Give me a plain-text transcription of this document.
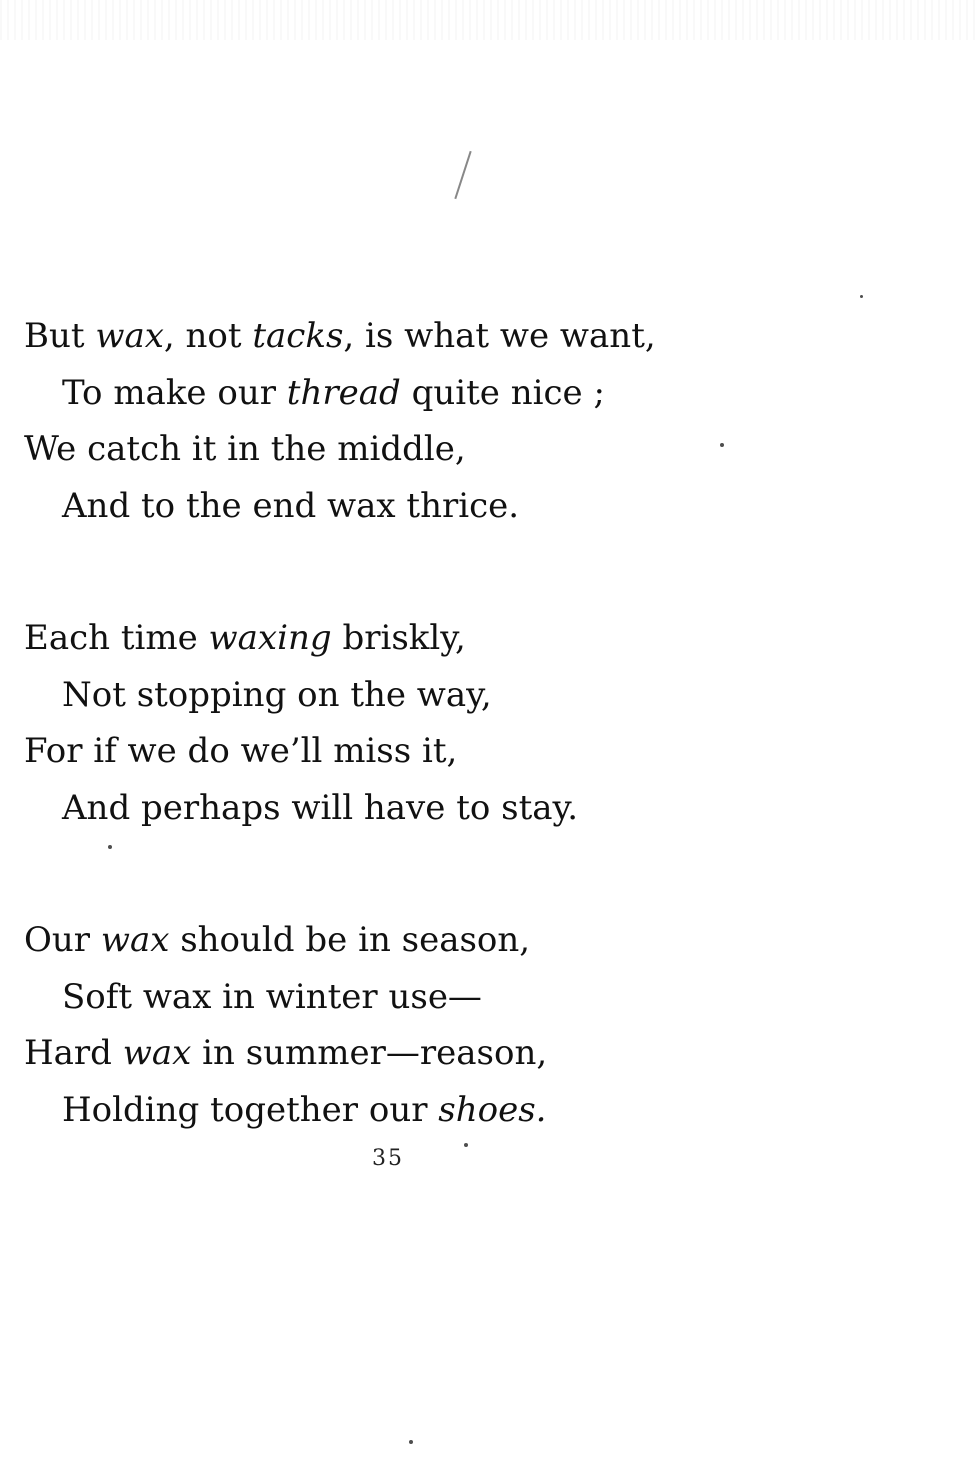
But wax, not tacks, is what we want,
To make our thread quite nice ;
We catch it in the middle,
And to the end wax thrice.

Each time waxing briskly,
Not stopping on the way,
For if we do we’ll miss it,
And perhaps will have to stay.

Our wax should be in season,
Soft wax in winter use—
Hard wax in summer—reason,
Holding together our shoes.

35
